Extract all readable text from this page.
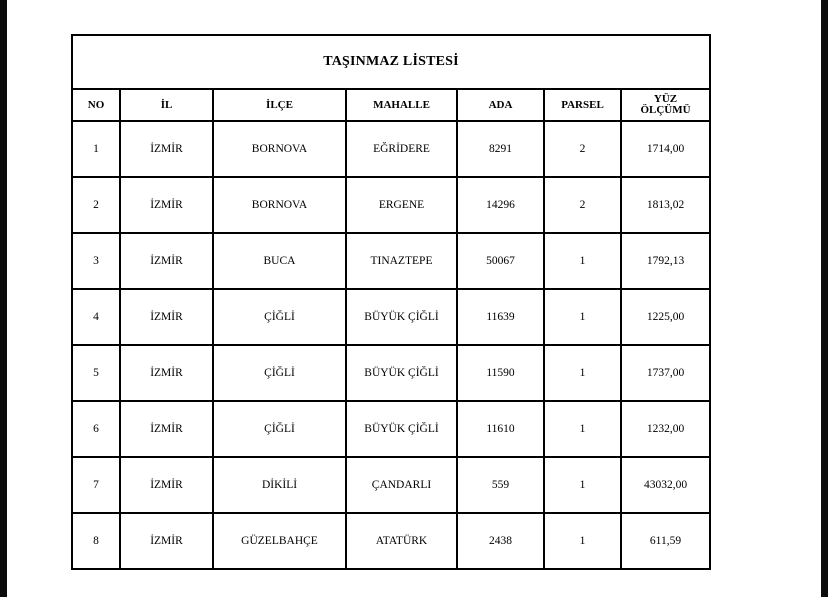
TAŞINMAZ LİSTESİ						
NO	İL	İLÇE	MAHALLE	ADA	PARSEL	YÜZ
ÖLÇÜMÜ
1	İZMİR	BORNOVA	EĞRİDERE	8291	2	1714,00
2	İZMİR	BORNOVA	ERGENE	14296	2	1813,02
3	İZMİR	BUCA	TINAZTEPE	50067	1	1792,13
4	İZMİR	ÇİĞLİ	BÜYÜK ÇİĞLİ	11639	1	1225,00
5	İZMİR	ÇİĞLİ	BÜYÜK ÇİĞLİ	11590	1	1737,00
6	İZMİR	ÇİĞLİ	BÜYÜK ÇİĞLİ	11610	1	1232,00
7	İZMİR	DİKİLİ	ÇANDARLI	559	1	43032,00
8	İZMİR	GÜZELBAHÇE	ATATÜRK	2438	1	611,59
